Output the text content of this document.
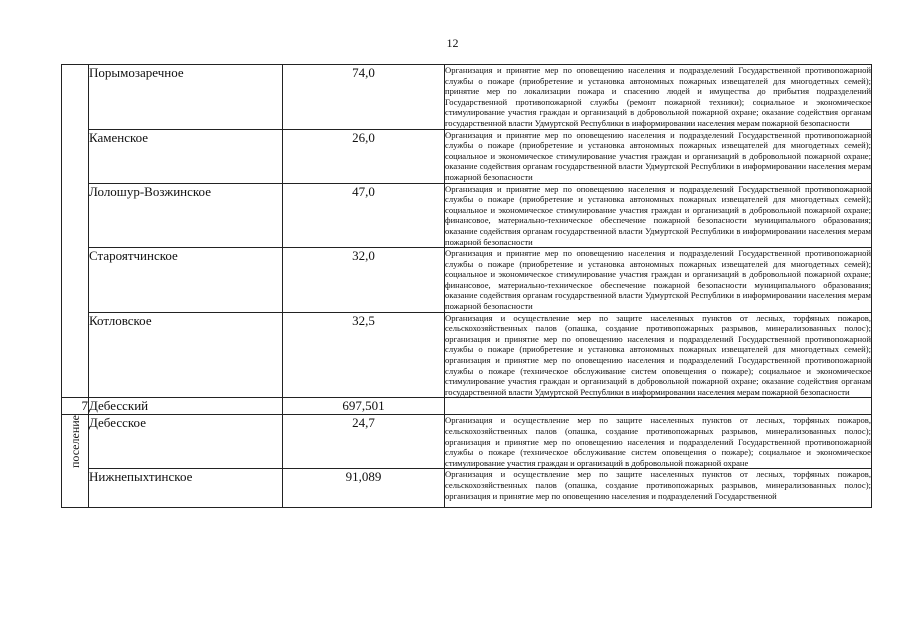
12
	Порымозаречное	74,0	Организация и принятие мер по оповещению населения и подразделений Государственной противопожарной службы о пожаре (приобретение и установка автономных пожарных извещателей для многодетных семей); принятие мер по локализации пожара и спасению людей и имущества до прибытия подразделений Государственной противопожарной службы (ремонт пожарной техники); социальное и экономическое стимулирование участия граждан и организаций в добровольной пожарной охране; оказание содействия органам государственной власти Удмуртской Республики в информировании населения мерам пожарной безопасности
	Каменское	26,0	Организация и принятие мер по оповещению населения и подразделений Государственной противопожарной службы о пожаре (приобретение и установка автономных пожарных извещателей для многодетных семей); социальное и экономическое стимулирование участия граждан и организаций в добровольной пожарной охране; оказание содействия органам государственной власти Удмуртской Республики в информировании населения мерам пожарной безопасности
	Лолошур-Возжинское	47,0	Организация и принятие мер по оповещению населения и подразделений Государственной противопожарной службы о пожаре (приобретение и установка автономных пожарных извещателей для многодетных семей); социальное и экономическое стимулирование участия граждан и организаций в добровольной пожарной охране; финансовое, материально-техническое обеспечение пожарной безопасности муниципального образования; оказание содействия органам государственной власти Удмуртской Республики в информировании населения мерам пожарной безопасности
	Староятчинское	32,0	Организация и принятие мер по оповещению населения и подразделений Государственной противопожарной службы о пожаре (приобретение и установка автономных пожарных извещателей для многодетных семей); социальное и экономическое стимулирование участия граждан и организаций в добровольной пожарной охране; финансовое, материально-техническое обеспечение пожарной безопасности муниципального образования; оказание содействия органам государственной власти Удмуртской Республики в информировании населения мерам пожарной безопасности
	Котловское	32,5	Организация и осуществление мер по защите населенных пунктов от лесных, торфяных пожаров, сельскохозяйственных палов (опашка, создание противопожарных разрывов, минерализованных полос); организация и принятие мер по оповещению населения и подразделений Государственной противопожарной службы о пожаре (приобретение и установка автономных пожарных извещателей для многодетных семей); организация и принятие мер по оповещению населения и подразделений Государственной противопожарной службы о пожаре (техническое обслуживание систем оповещения о пожаре); социальное и экономическое стимулирование участия граждан и организаций в добровольной пожарной охране; оказание содействия органам государственной власти Удмуртской Республики в информировании населения мерам пожарной безопасности
7	Дебесский	697,501	
поселение	Дебесское	24,7	Организация и осуществление мер по защите населенных пунктов от лесных, торфяных пожаров, сельскохозяйственных палов (опашка, создание противопожарных разрывов, минерализованных полос); организация и принятие мер по оповещению населения и подразделений Государственной противопожарной службы о пожаре (техническое обслуживание систем оповещения о пожаре); социальное и экономическое стимулирование участия граждан и организаций в добровольной пожарной охране
	Нижнепыхтинское	91,089	Организация и осуществление мер по защите населенных пунктов от лесных, торфяных пожаров, сельскохозяйственных палов (опашка, создание противопожарных разрывов, минерализованных полос); организация и принятие мер по оповещению населения и подразделений Государственной
